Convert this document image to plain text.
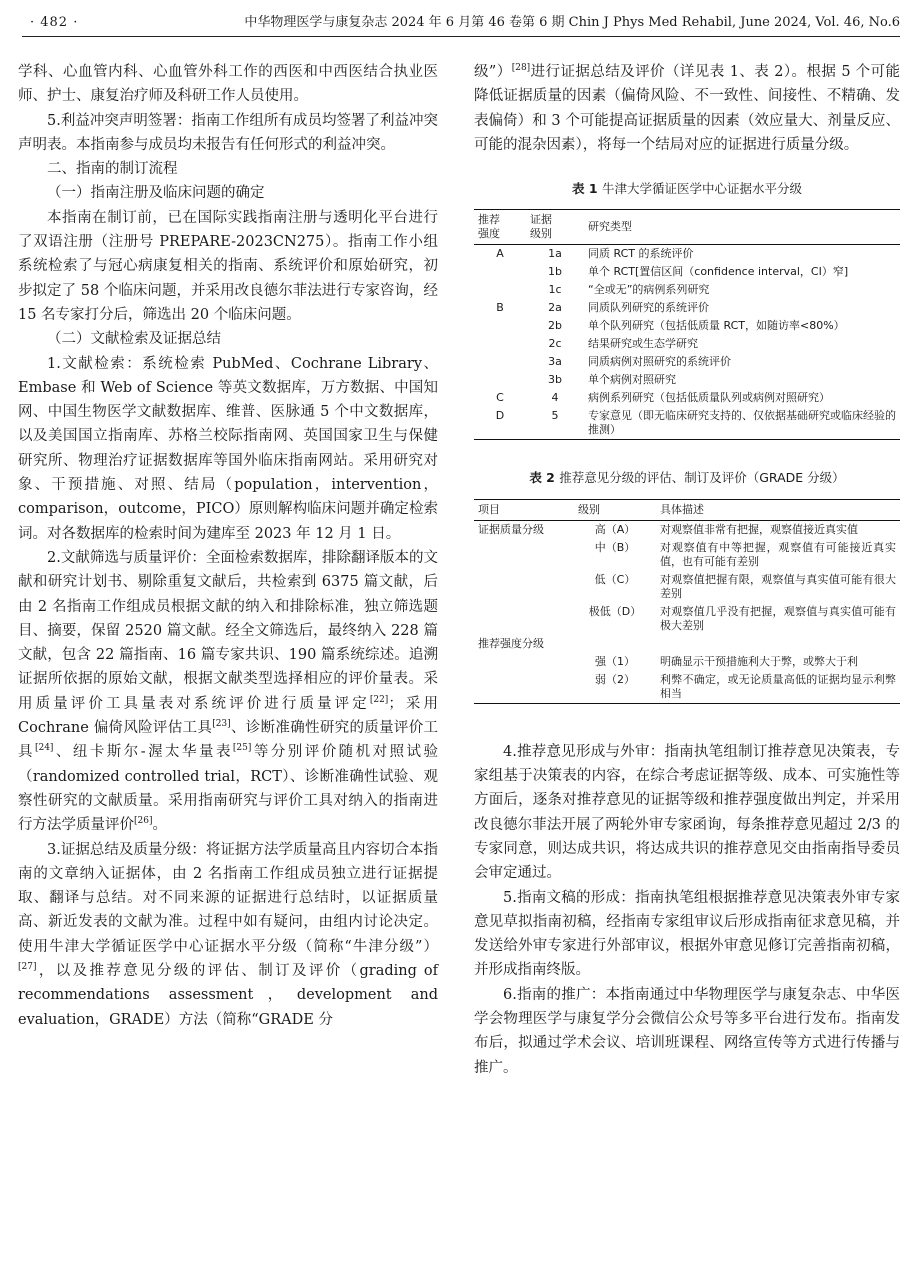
· 482 ·	中华物理医学与康复杂志 2024 年 6 月第 46 卷第 6 期 Chin J Phys Med Rehabil, June 2024, Vol. 46, No.6

学科、心血管内科、心血管外科工作的西医和中西医结合执业医师、护士、康复治疗师及科研工作人员使用。

5.利益冲突声明签署：指南工作组所有成员均签署了利益冲突声明表。本指南参与成员均未报告有任何形式的利益冲突。

二、指南的制订流程

（一）指南注册及临床问题的确定

本指南在制订前，已在国际实践指南注册与透明化平台进行了双语注册（注册号 PREPARE-2023CN275）。指南工作小组系统检索了与冠心病康复相关的指南、系统评价和原始研究，初步拟定了 58 个临床问题，并采用改良德尔菲法进行专家咨询，经 15 名专家打分后，筛选出 20 个临床问题。

（二）文献检索及证据总结

1.文献检索：系统检索 PubMed、Cochrane Library、Embase 和 Web of Science 等英文数据库，万方数据、中国知网、中国生物医学文献数据库、维普、医脉通 5 个中文数据库，以及美国国立指南库、苏格兰校际指南网、英国国家卫生与保健研究所、物理治疗证据数据库等国外临床指南网站。采用研究对象、干预措施、对照、结局（population，intervention，comparison，outcome，PICO）原则解构临床问题并确定检索词。对各数据库的检索时间为建库至 2023 年 12 月 1 日。

2.文献筛选与质量评价：全面检索数据库，排除翻译版本的文献和研究计划书、剔除重复文献后，共检索到 6375 篇文献，后由 2 名指南工作组成员根据文献的纳入和排除标准，独立筛选题目、摘要，保留 2520 篇文献。经全文筛选后，最终纳入 228 篇文献，包含 22 篇指南、16 篇专家共识、190 篇系统综述。追溯证据所依据的原始文献，根据文献类型选择相应的评价量表。采用质量评价工具量表对系统评价进行质量评定[22]；采用 Cochrane 偏倚风险评估工具[23]、诊断准确性研究的质量评价工具[24]、纽卡斯尔-渥太华量表[25]等分别评价随机对照试验（randomized controlled trial，RCT）、诊断准确性试验、观察性研究的文献质量。采用指南研究与评价工具对纳入的指南进行方法学质量评价[26]。

3.证据总结及质量分级：将证据方法学质量高且内容切合本指南的文章纳入证据体，由 2 名指南工作组成员独立进行证据提取、翻译与总结。对不同来源的证据进行总结时，以证据质量高、新近发表的文献为准。过程中如有疑问，由组内讨论决定。使用牛津大学循证医学中心证据水平分级（简称“牛津分级”）[27]，以及推荐意见分级的评估、制订及评价（grading of recommendations assessment，development and evaluation，GRADE）方法（简称“GRADE 分

级”）[28]进行证据总结及评价（详见表 1、表 2）。根据 5 个可能降低证据质量的因素（偏倚风险、不一致性、间接性、不精确、发表偏倚）和 3 个可能提高证据质量的因素（效应量大、剂量反应、可能的混杂因素），将每一个结局对应的证据进行质量分级。

表 1 牛津大学循证医学中心证据水平分级
推荐
强度	证据
级别	研究类型
A	1a	同质 RCT 的系统评价
	1b	单个 RCT[置信区间（confidence interval，CI）窄]
	1c	“全或无”的病例系列研究
B	2a	同质队列研究的系统评价
	2b	单个队列研究（包括低质量 RCT，如随访率<80%）
	2c	结果研究或生态学研究
	3a	同质病例对照研究的系统评价
	3b	单个病例对照研究
C	4	病例系列研究（包括低质量队列或病例对照研究）
D	5	专家意见（即无临床研究支持的、仅依据基础研究或临床经验的推测）
表 2 推荐意见分级的评估、制订及评价（GRADE 分级）
项目	级别	具体描述
证据质量分级	高（A）	对观察值非常有把握，观察值接近真实值
	中（B）	对观察值有中等把握，观察值有可能接近真实值，也有可能有差别
	低（C）	对观察值把握有限，观察值与真实值可能有很大差别
	极低（D）	对观察值几乎没有把握，观察值与真实值可能有极大差别
推荐强度分级		
	强（1）	明确显示干预措施利大于弊，或弊大于利
	弱（2）	利弊不确定，或无论质量高低的证据均显示利弊相当

4.推荐意见形成与外审：指南执笔组制订推荐意见决策表，专家组基于决策表的内容，在综合考虑证据等级、成本、可实施性等方面后，逐条对推荐意见的证据等级和推荐强度做出判定，并采用改良德尔菲法开展了两轮外审专家函询，每条推荐意见超过 2/3 的专家同意，则达成共识，将达成共识的推荐意见交由指南指导委员会审定通过。

5.指南文稿的形成：指南执笔组根据推荐意见决策表外审专家意见草拟指南初稿，经指南专家组审议后形成指南征求意见稿，并发送给外审专家进行外部审议，根据外审意见修订完善指南初稿，并形成指南终版。

6.指南的推广：本指南通过中华物理医学与康复杂志、中华医学会物理医学与康复学分会微信公众号等多平台进行发布。指南发布后，拟通过学术会议、培训班课程、网络宣传等方式进行传播与推广。
